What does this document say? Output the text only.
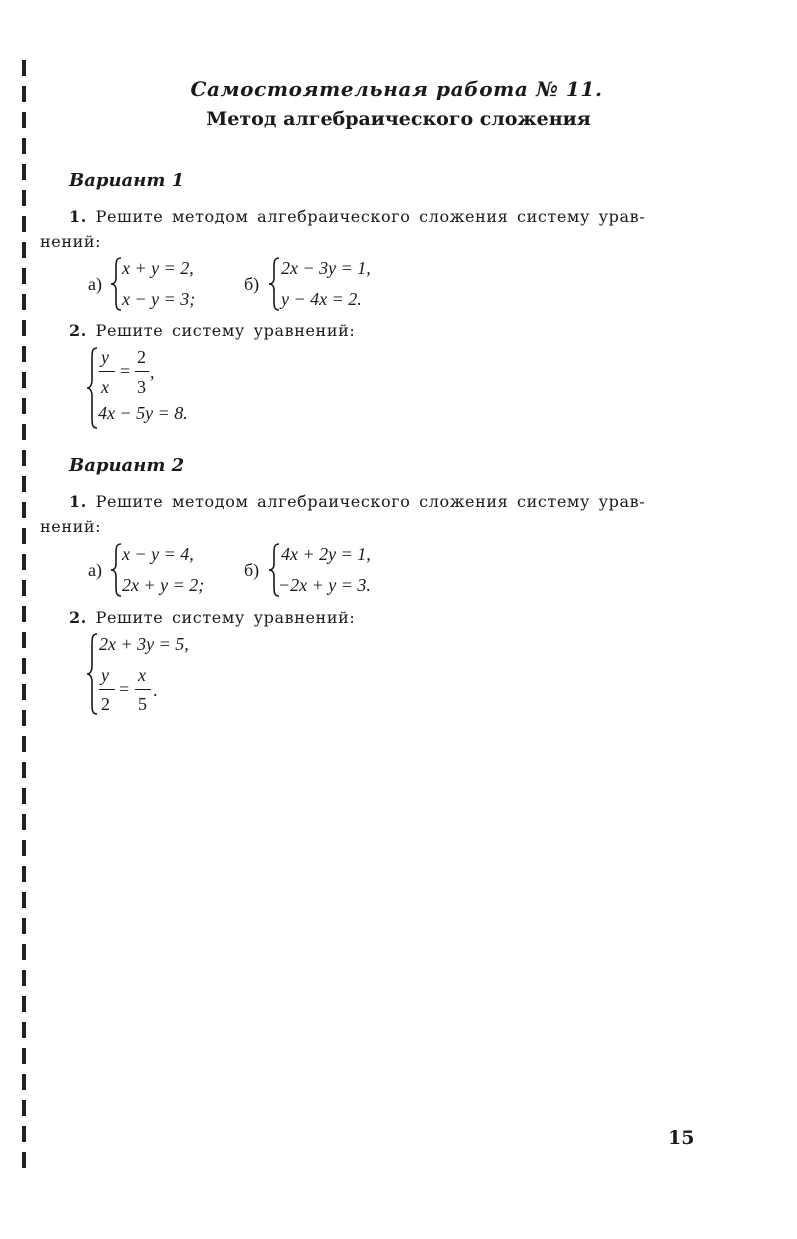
Самостоятельная работа № 11.
Метод алгебраического сложения
Вариант 1
1. Решите методом алгебраического сложения систему урав-
нений:
а)
x + y = 2,
x − y = 3;
б)
2x − 3y = 1,
y − 4x = 2.
2. Решите систему уравнений:
y
x
=
2
3
,
4x − 5y = 8.
Вариант 2
1. Решите методом алгебраического сложения систему урав-
нений:
а)
x − y = 4,
2x + y = 2;
б)
4x + 2y = 1,
−2x + y = 3.
2. Решите систему уравнений:
2x + 3y = 5,
y
2
=
x
5
.
15
